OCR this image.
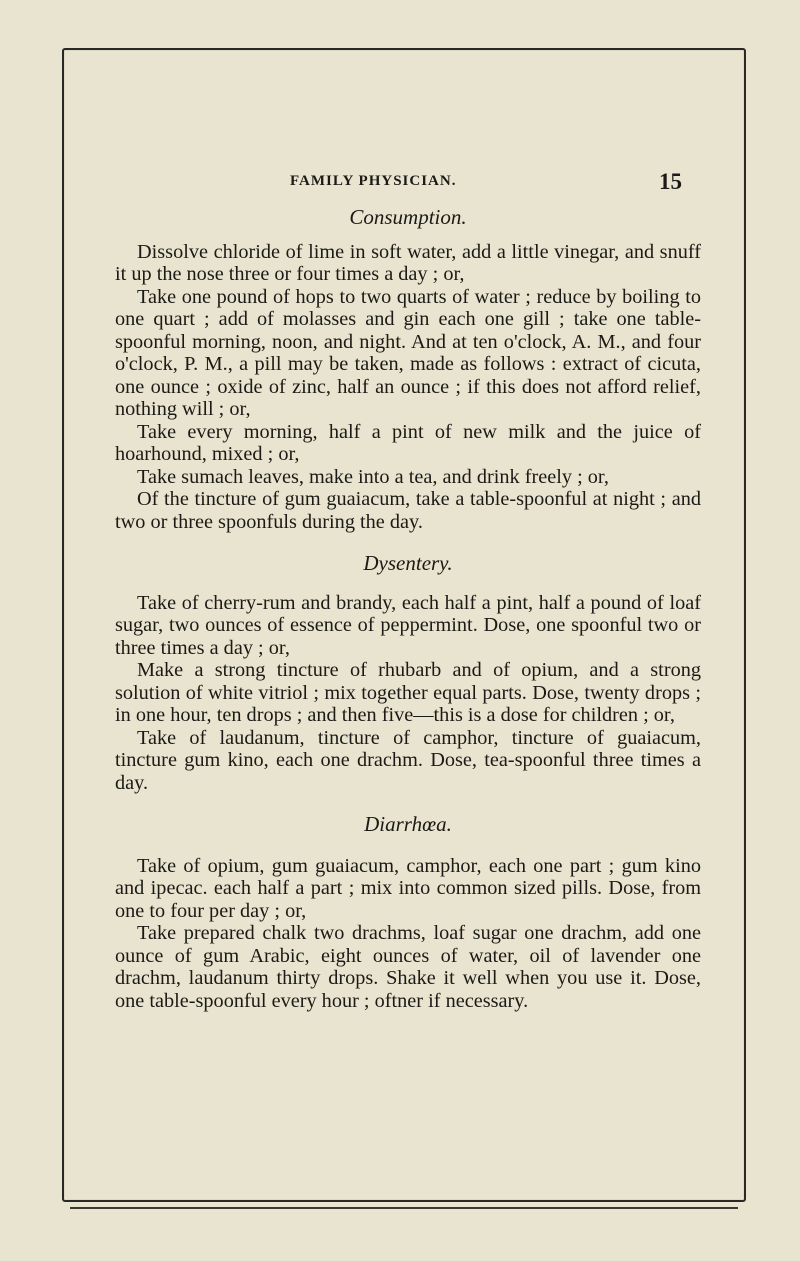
FAMILY PHYSICIAN.	15
Consumption.

Dissolve chloride of lime in soft water, add a little vinegar, and snuff it up the nose three or four times a day ; or,

Take one pound of hops to two quarts of water ; reduce by boiling to one quart ; add of molasses and gin each one gill ; take one table-spoonful morning, noon, and night. And at ten o'clock, A. M., and four o'clock, P. M., a pill may be taken, made as follows : extract of cicuta, one ounce ; oxide of zinc, half an ounce ; if this does not afford relief, nothing will ; or,

Take every morning, half a pint of new milk and the juice of hoarhound, mixed ; or,

Take sumach leaves, make into a tea, and drink freely ; or,

Of the tincture of gum guaiacum, take a table-spoonful at night ; and two or three spoonfuls during the day.

Dysentery.

Take of cherry-rum and brandy, each half a pint, half a pound of loaf sugar, two ounces of essence of peppermint. Dose, one spoonful two or three times a day ; or,

Make a strong tincture of rhubarb and of opium, and a strong solution of white vitriol ; mix together equal parts. Dose, twenty drops ; in one hour, ten drops ; and then five—this is a dose for children ; or,

Take of laudanum, tincture of camphor, tincture of guaiacum, tincture gum kino, each one drachm. Dose, tea-spoonful three times a day.

Diarrhœa.

Take of opium, gum guaiacum, camphor, each one part ; gum kino and ipecac. each half a part ; mix into common sized pills. Dose, from one to four per day ; or,

Take prepared chalk two drachms, loaf sugar one drachm, add one ounce of gum Arabic, eight ounces of water, oil of lavender one drachm, laudanum thirty drops. Shake it well when you use it. Dose, one table-spoonful every hour ; oftner if necessary.
